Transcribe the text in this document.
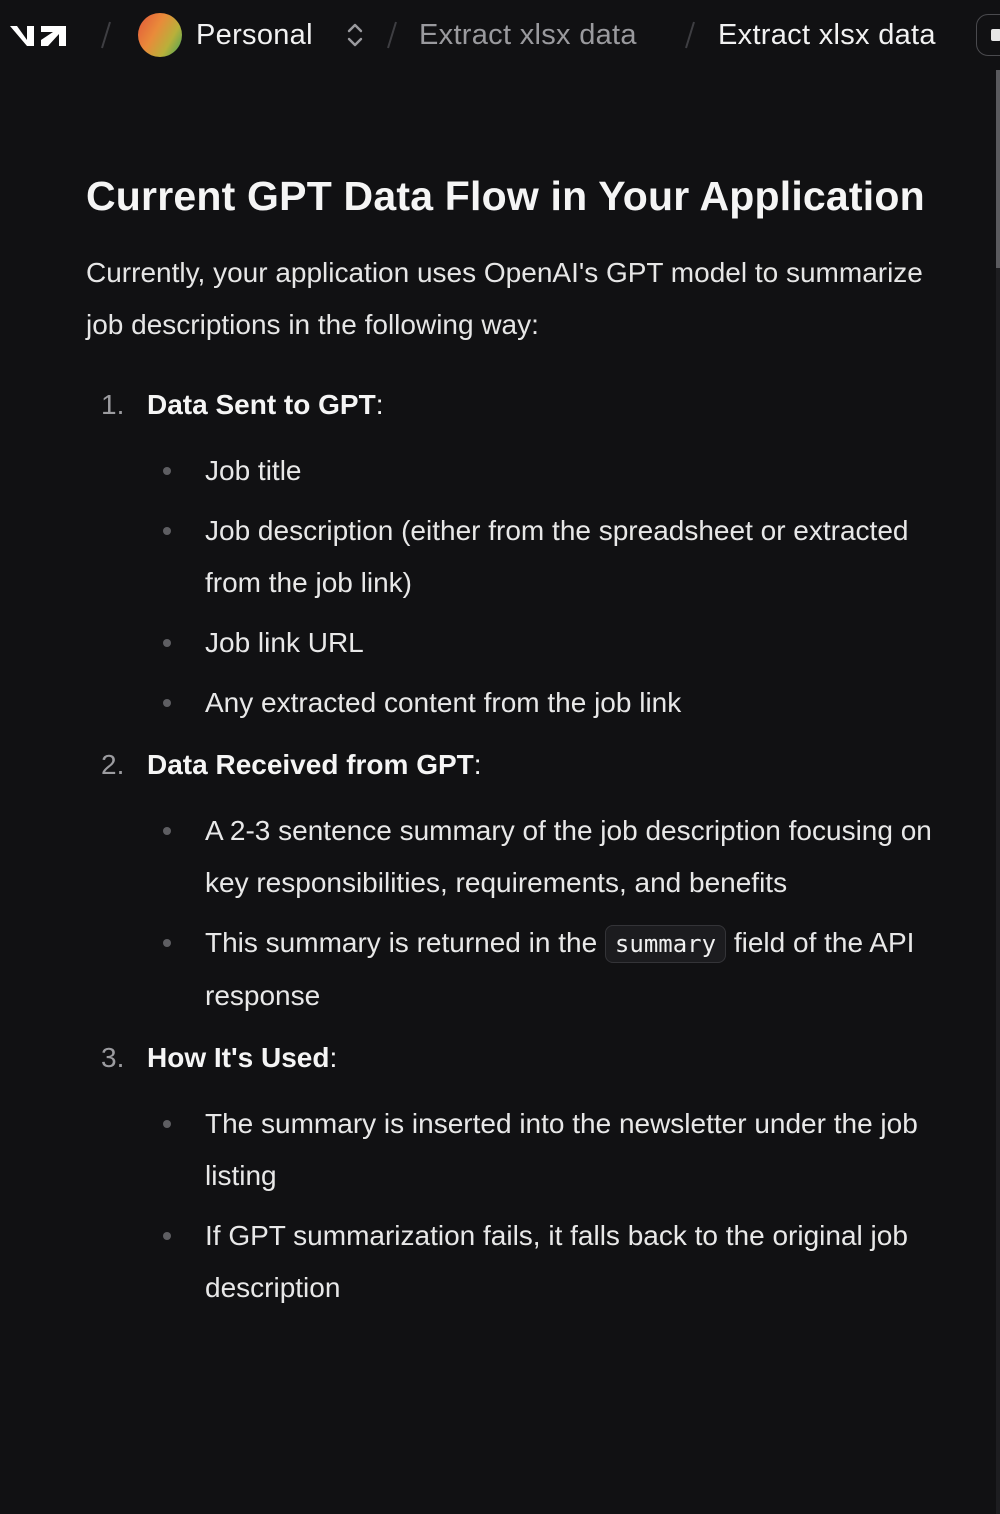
Personal	Extract xlsx data	Extract xlsx data
Current GPT Data Flow in Your Application

Currently, your application uses OpenAI's GPT model to summarize job descriptions in the following way:

1. Data Sent to GPT:
Job title
Job description (either from the spreadsheet or extracted from the job link)
Job link URL
Any extracted content from the job link
2. Data Received from GPT:
A 2-3 sentence summary of the job description focusing on key responsibilities, requirements, and benefits
This summary is returned in the summary field of the API response
3. How It's Used:
The summary is inserted into the newsletter under the job listing
If GPT summarization fails, it falls back to the original job description
